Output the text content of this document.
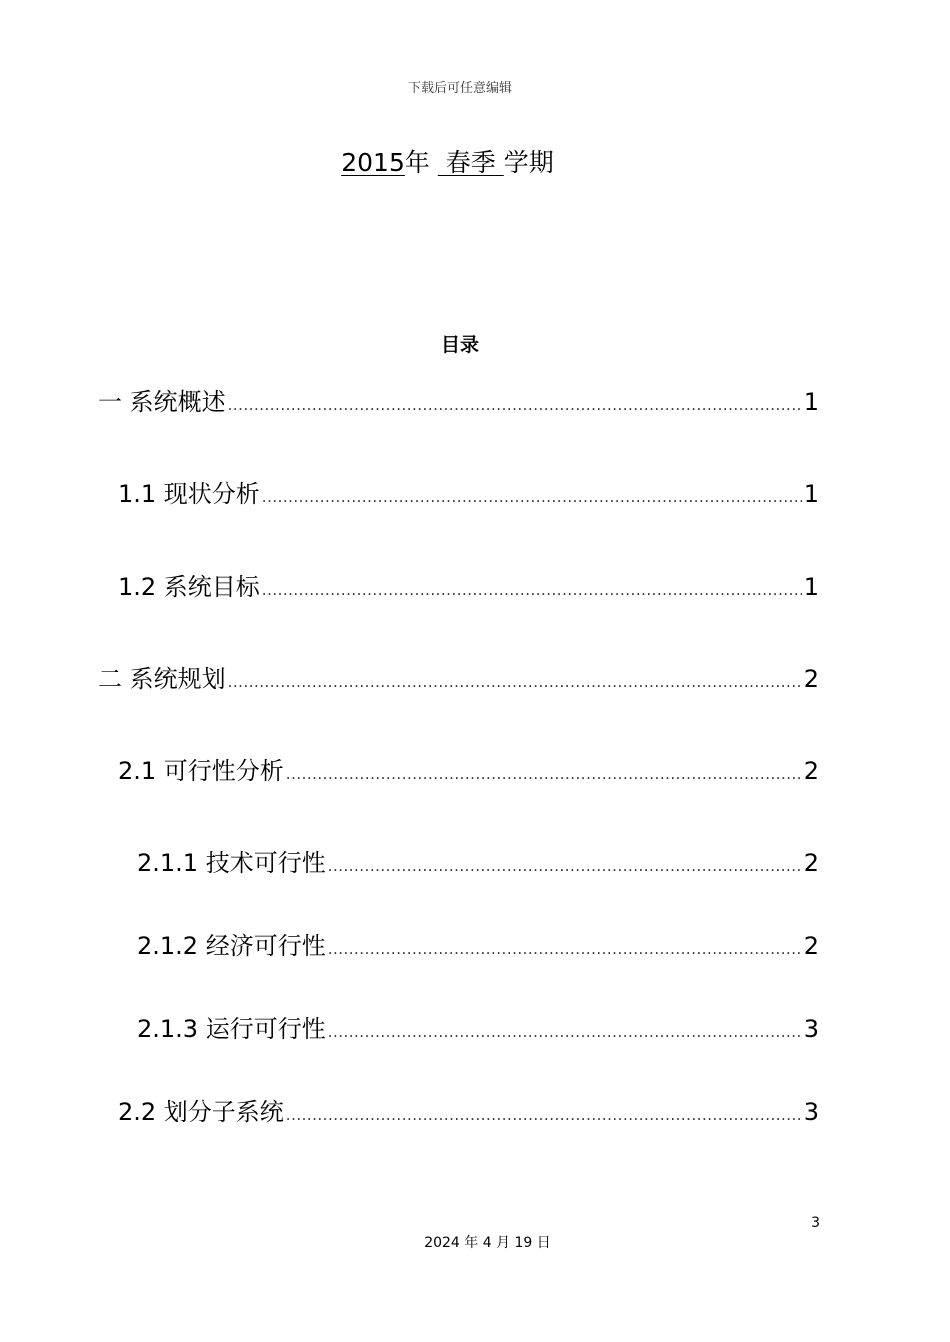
下载后可任意编辑
2015年 春季 学期
目录
一 系统概述 .....	1
1.1 现状分析 .....	1
1.2 系统目标 .....	1
二 系统规划 .....	2
2.1 可行性分析 .....	2
2.1.1 技术可行性 .....	2
2.1.2 经济可行性 .....	2
2.1.3 运行可行性 .....	3
2.2 划分子系统 .....	3
3
2024 年 4 月 19 日
